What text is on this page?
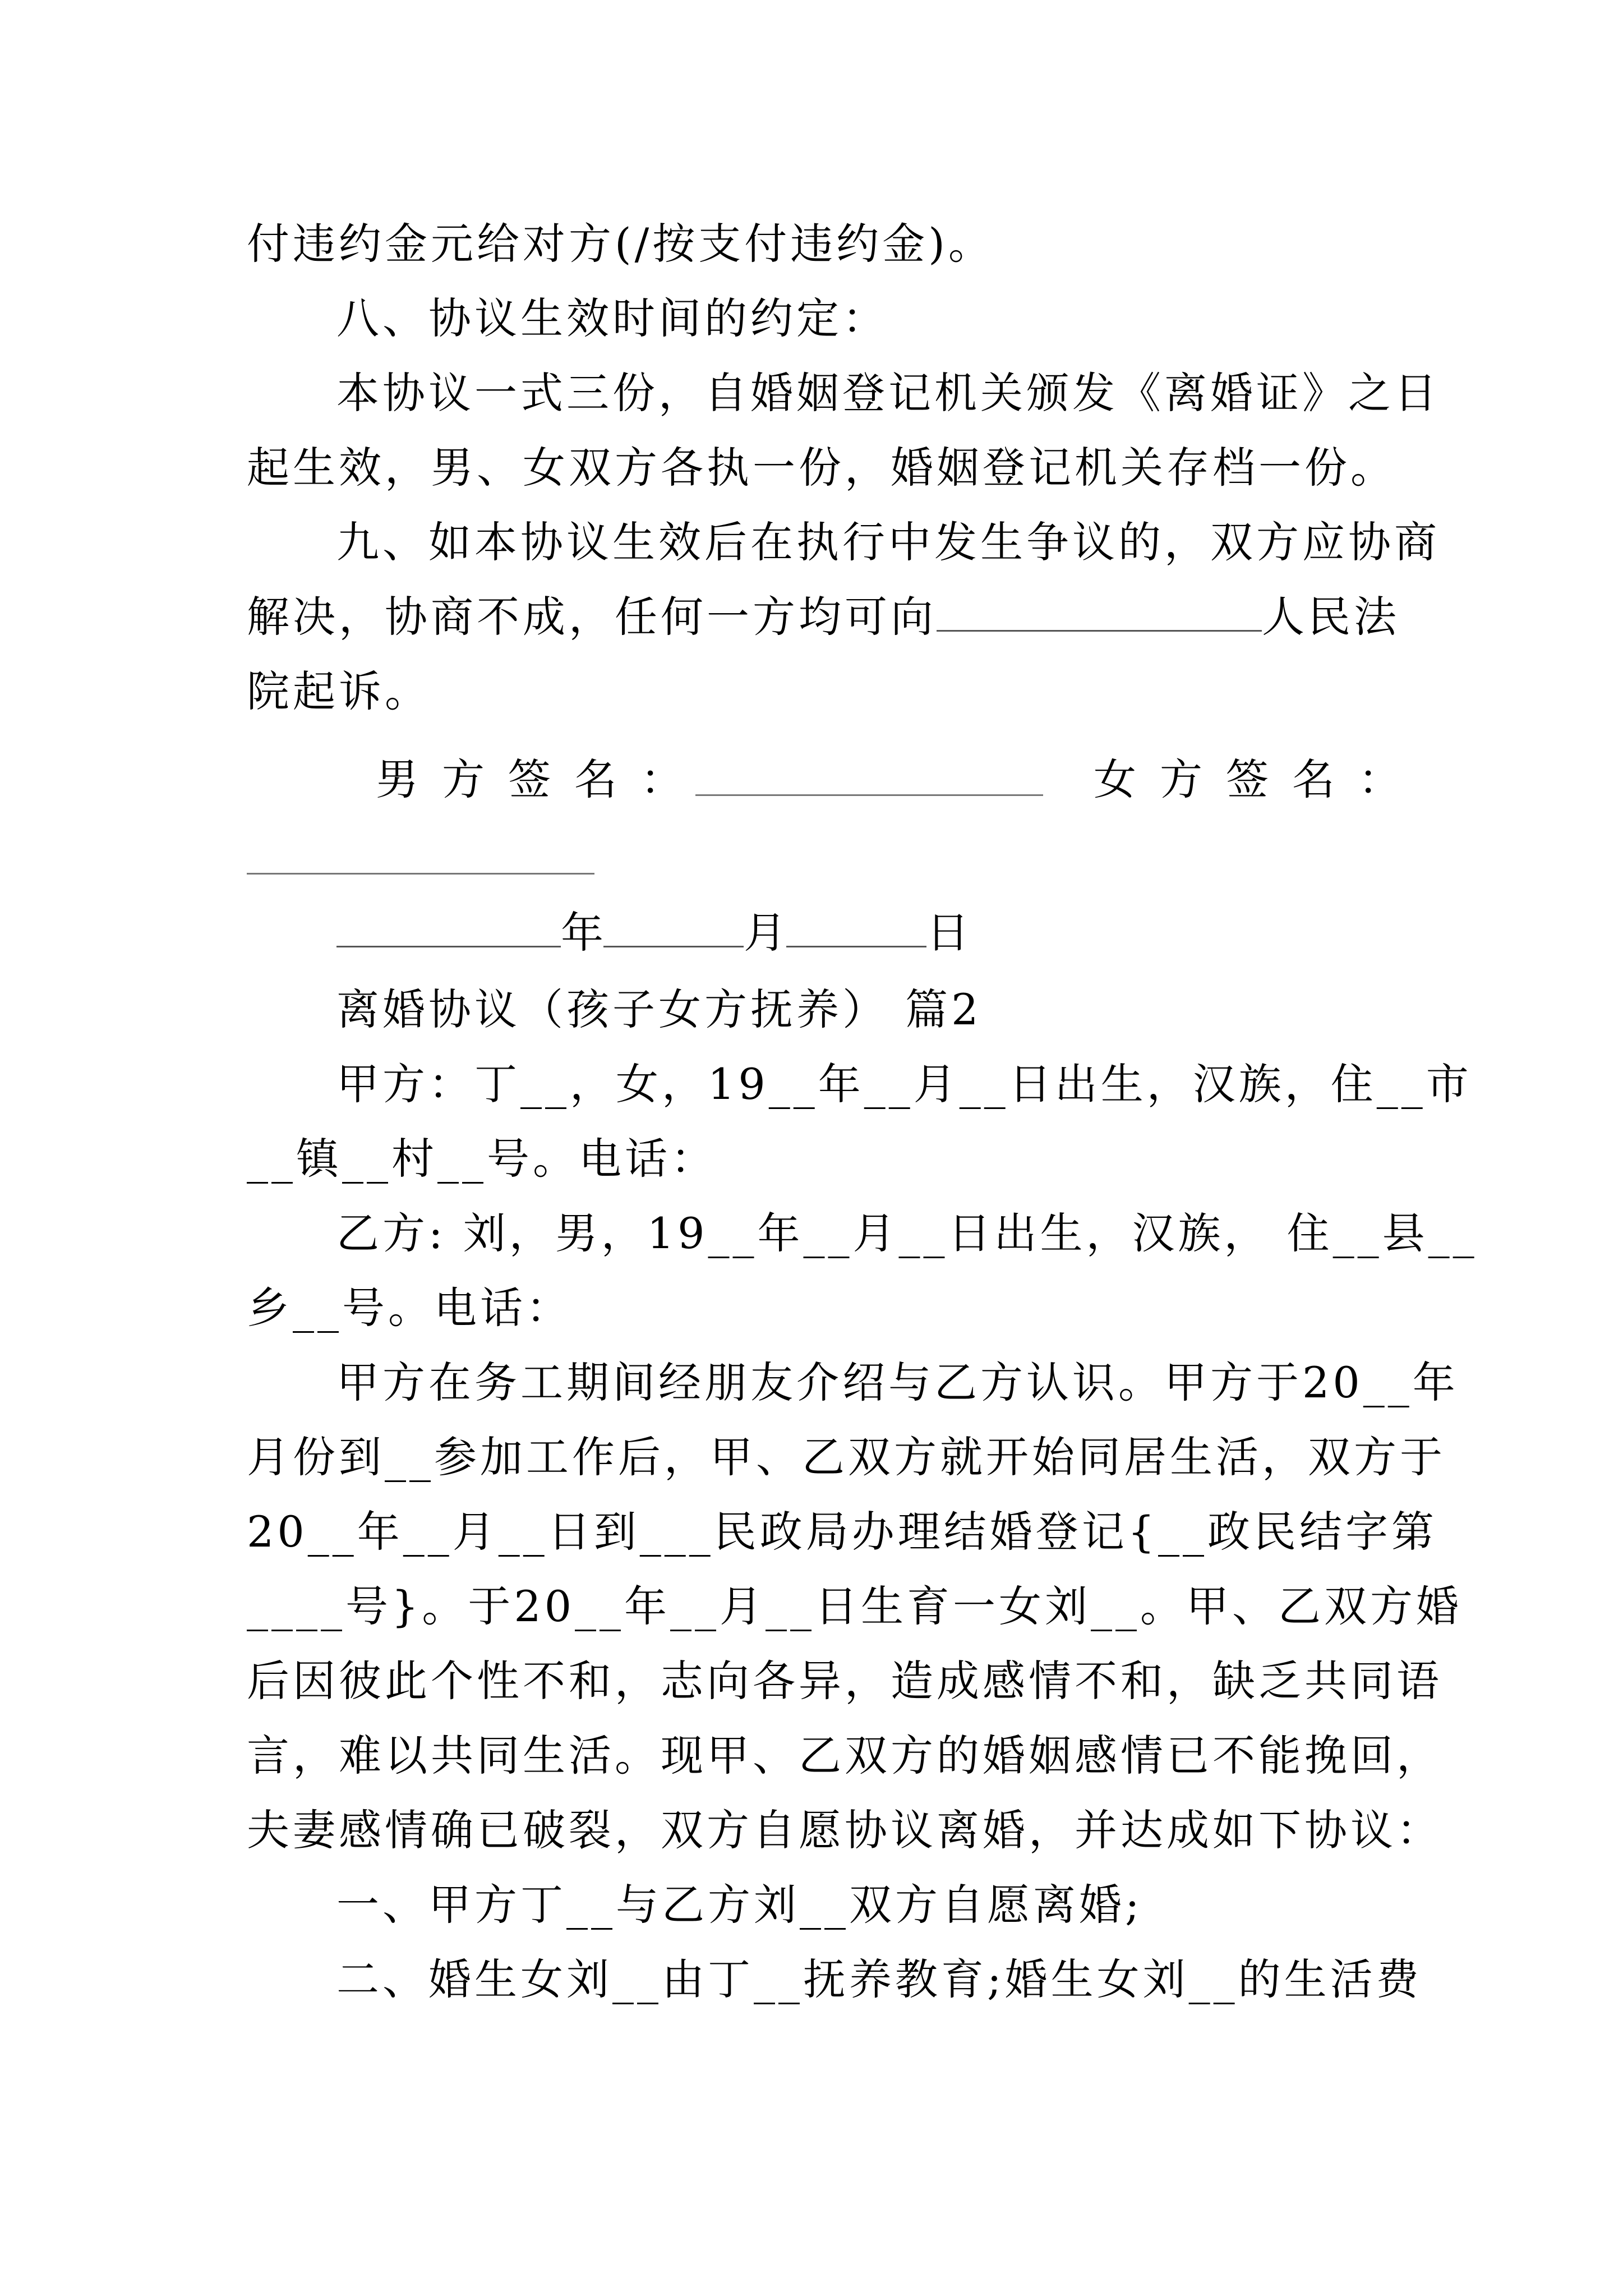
付违约金元给对方(/按支付违约金)。
八、协议生效时间的约定：
本协议一式三份，自婚姻登记机关颁发《离婚证》之日
起生效，男、女双方各执一份，婚姻登记机关存档一份。
九、如本协议生效后在执行中发生争议的，双方应协商
解决，协商不成，任何一方均可向	人民法
院起诉。
男方签名：	女方签名：
年	月	日
离婚协议（孩子女方抚养） 篇2
甲方：丁__，女，19__年__月__日出生，汉族，住__市
__镇__村__号。电话：
乙方: 刘，男，19__年__月__日出生，汉族， 住__县__
乡__号。电话：
甲方在务工期间经朋友介绍与乙方认识。甲方于20__年
月份到__参加工作后，甲、乙双方就开始同居生活，双方于
20__年__月__日到___民政局办理结婚登记{__政民结字第
____号}。于20__年__月__日生育一女刘__。甲、乙双方婚
后因彼此个性不和，志向各异，造成感情不和，缺乏共同语
言，难以共同生活。现甲、乙双方的婚姻感情已不能挽回，
夫妻感情确已破裂，双方自愿协议离婚，并达成如下协议：
一、甲方丁__与乙方刘__双方自愿离婚;
二、婚生女刘__由丁__抚养教育;婚生女刘__的生活费
